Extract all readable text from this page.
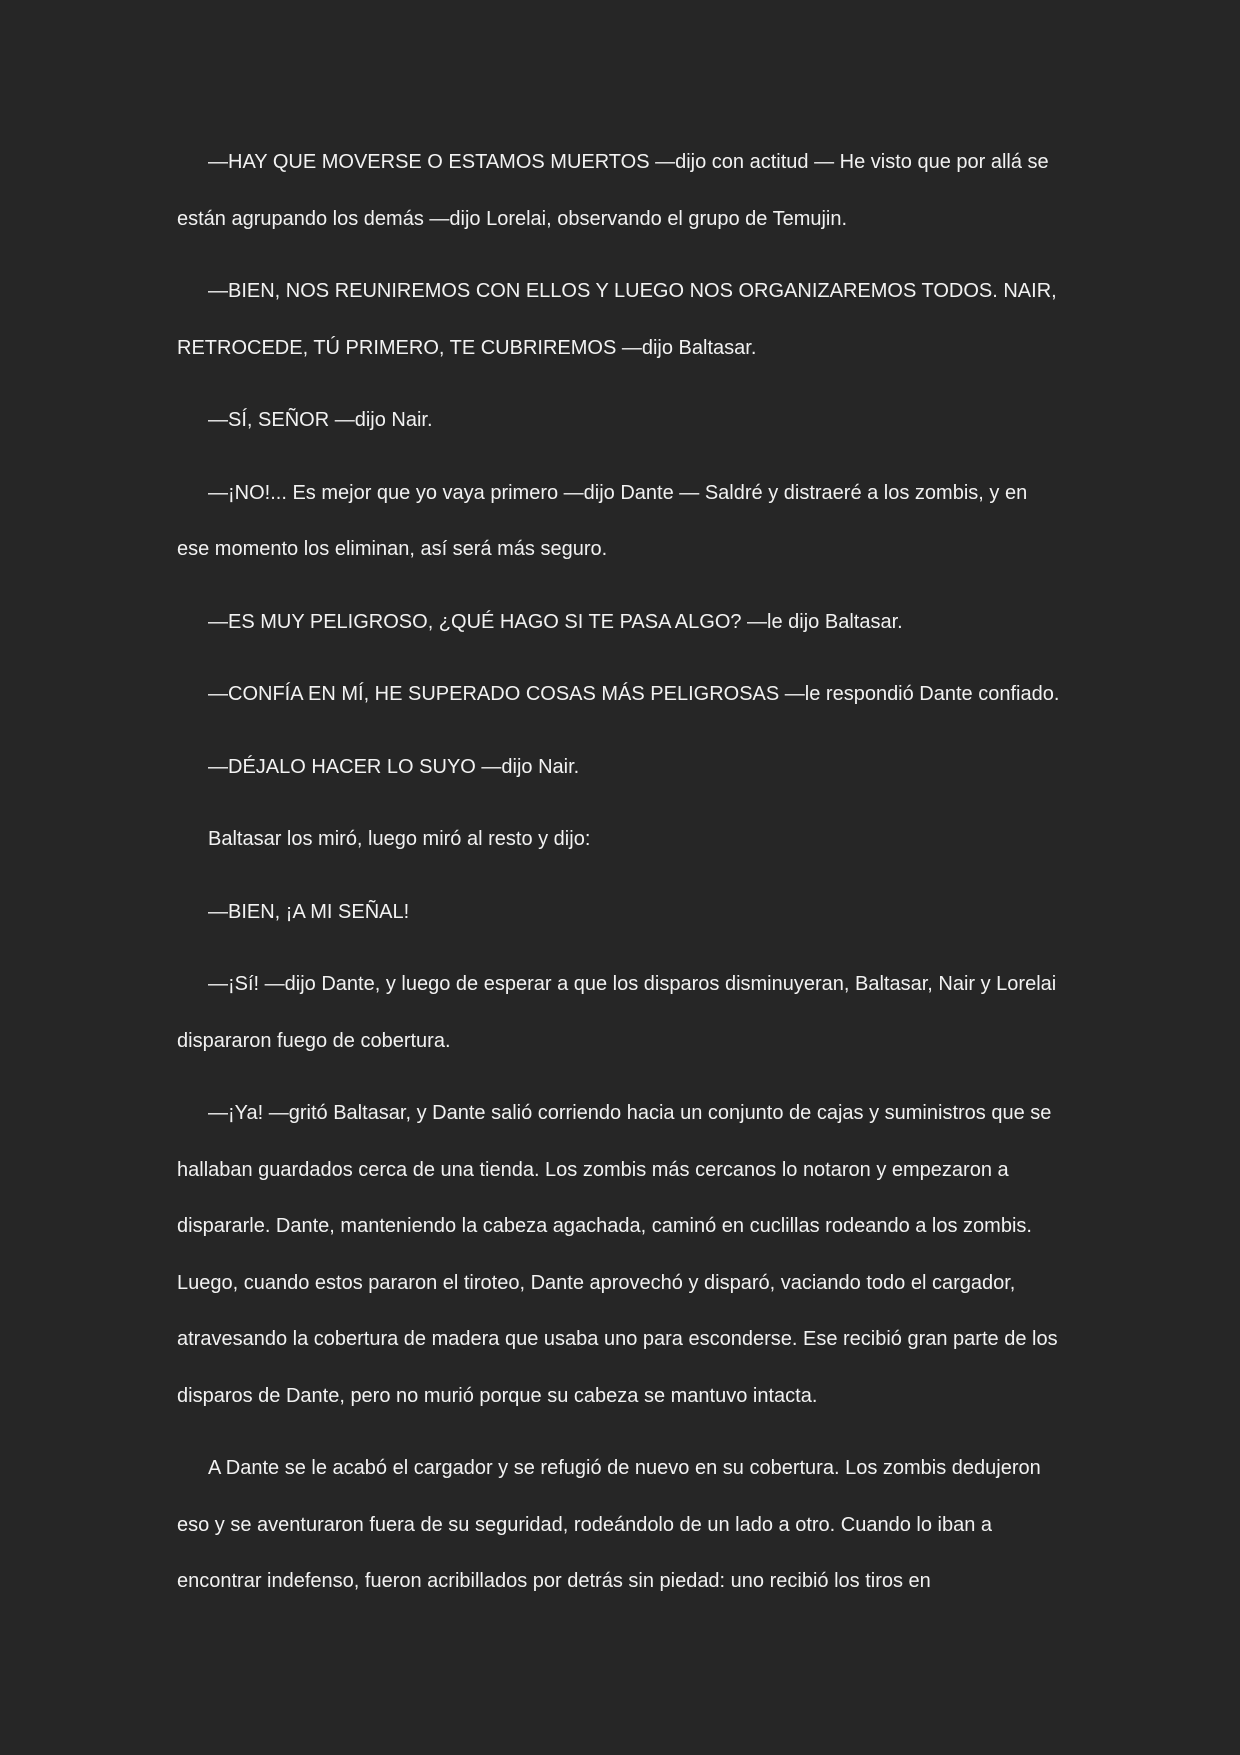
—HAY QUE MOVERSE O ESTAMOS MUERTOS —dijo con actitud — He visto que por allá se están agrupando los demás —dijo Lorelai, observando el grupo de Temujin.

—BIEN, NOS REUNIREMOS CON ELLOS Y LUEGO NOS ORGANIZAREMOS TODOS. NAIR, RETROCEDE, TÚ PRIMERO, TE CUBRIREMOS —dijo Baltasar.

—SÍ, SEÑOR —dijo Nair.

—¡NO!... Es mejor que yo vaya primero —dijo Dante — Saldré y distraeré a los zombis, y en ese momento los eliminan, así será más seguro.

—ES MUY PELIGROSO, ¿QUÉ HAGO SI TE PASA ALGO? —le dijo Baltasar.

—CONFÍA EN MÍ, HE SUPERADO COSAS MÁS PELIGROSAS —le respondió Dante confiado.

—DÉJALO HACER LO SUYO —dijo Nair.

Baltasar los miró, luego miró al resto y dijo:

—BIEN, ¡A MI SEÑAL!

—¡Sí! —dijo Dante, y luego de esperar a que los disparos disminuyeran, Baltasar, Nair y Lorelai dispararon fuego de cobertura.

—¡Ya! —gritó Baltasar, y Dante salió corriendo hacia un conjunto de cajas y suministros que se hallaban guardados cerca de una tienda. Los zombis más cercanos lo notaron y empezaron a dispararle. Dante, manteniendo la cabeza agachada, caminó en cuclillas rodeando a los zombis. Luego, cuando estos pararon el tiroteo, Dante aprovechó y disparó, vaciando todo el cargador, atravesando la cobertura de madera que usaba uno para esconderse. Ese recibió gran parte de los disparos de Dante, pero no murió porque su cabeza se mantuvo intacta.

A Dante se le acabó el cargador y se refugió de nuevo en su cobertura. Los zombis dedujeron eso y se aventuraron fuera de su seguridad, rodeándolo de un lado a otro. Cuando lo iban a encontrar indefenso, fueron acribillados por detrás sin piedad: uno recibió los tiros en
